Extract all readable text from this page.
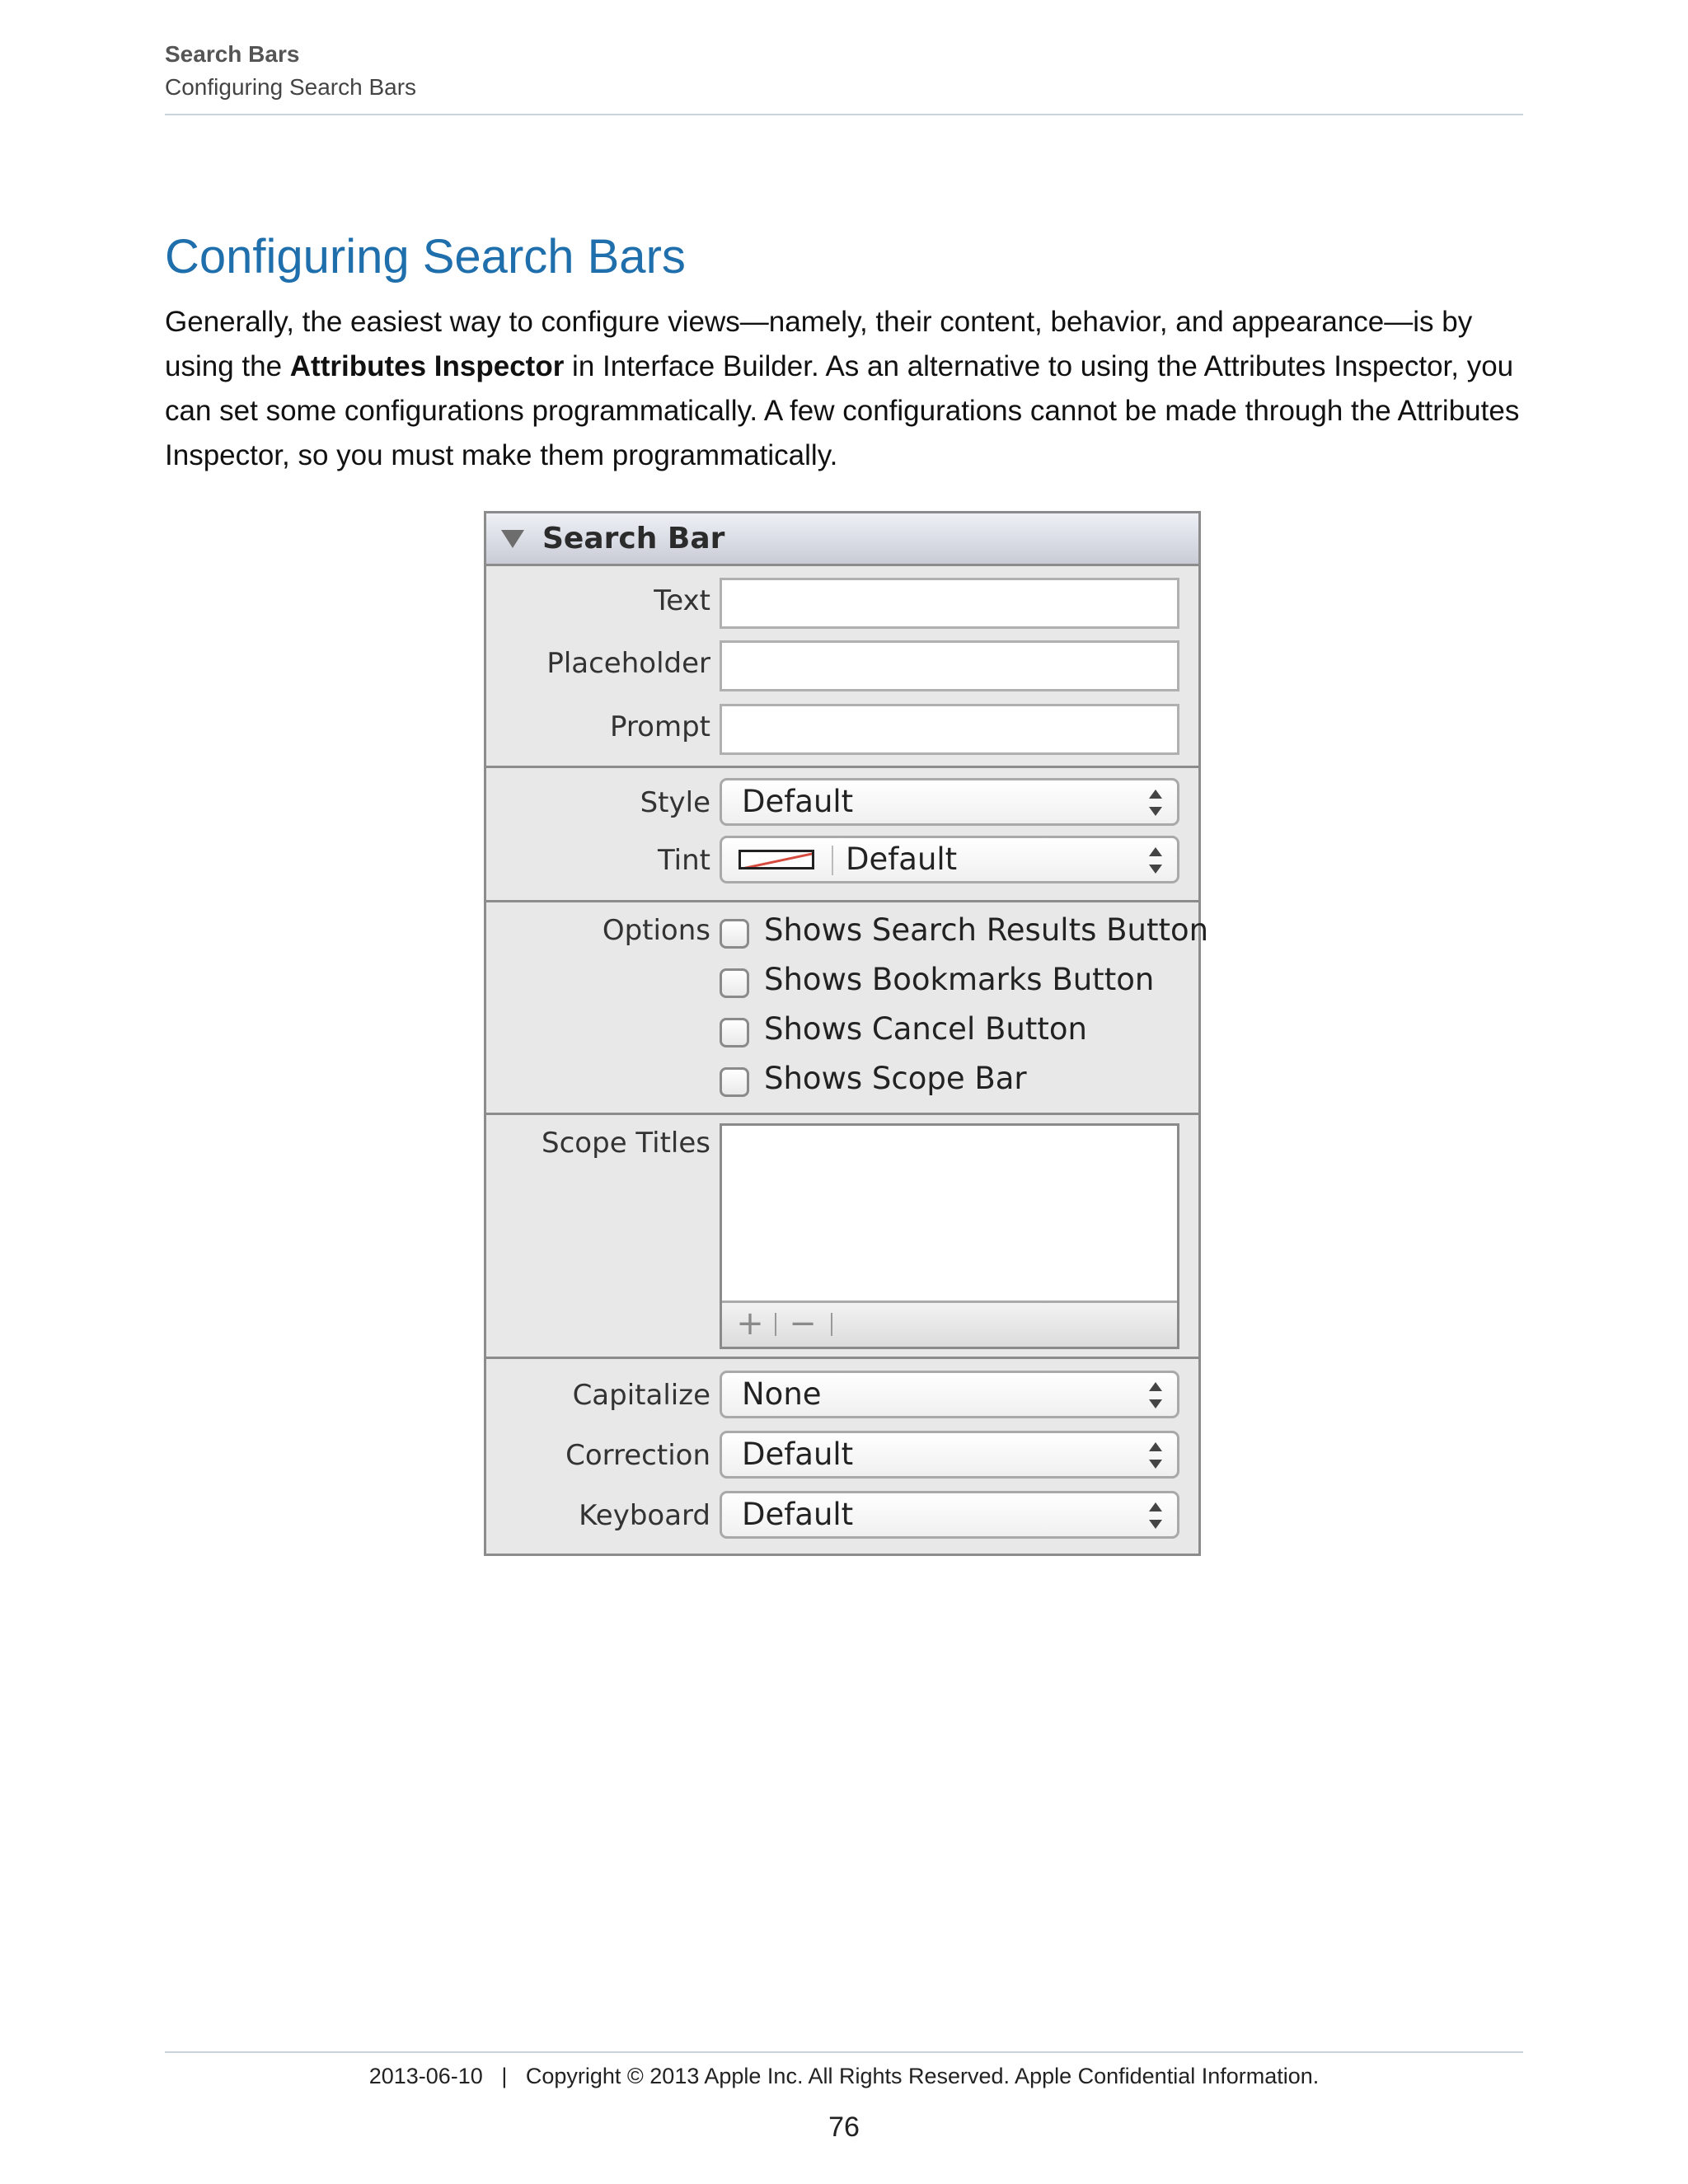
Search Bars
Configuring Search Bars
Configuring Search Bars

Generally, the easiest way to configure views—namely, their content, behavior, and appearance—is by using the Attributes Inspector in Interface Builder. As an alternative to using the Attributes Inspector, you can set some configurations programmatically. A few configurations cannot be made through the Attributes Inspector, so you must make them programmatically.

Search Bar
Text
Placeholder
Prompt
Style Default
Tint	Default
Options Shows Search Results Button
Shows Bookmarks Button
Shows Cancel Button
Shows Scope Bar
Scope Titles
+ −
Capitalize None
Correction Default
Keyboard Default
2013-06-10   |   Copyright © 2013 Apple Inc. All Rights Reserved. Apple Confidential Information.
76
